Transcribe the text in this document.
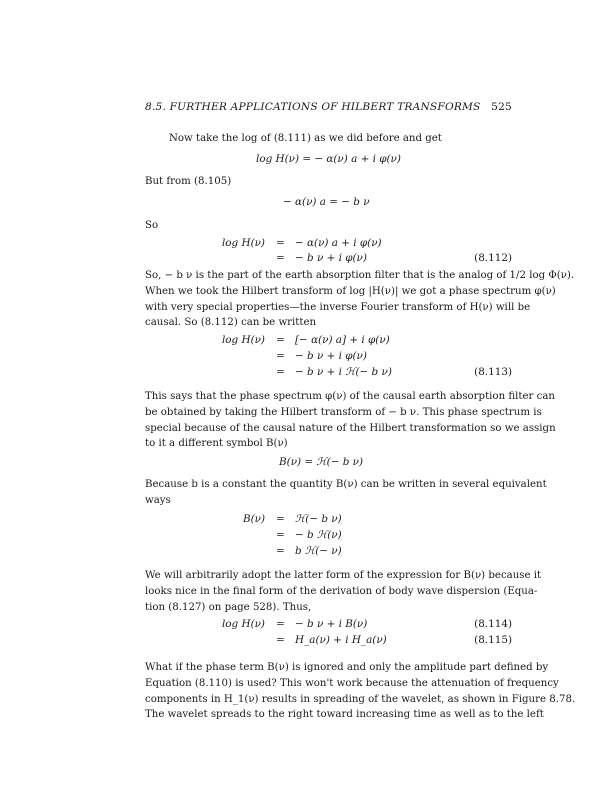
8.5. FURTHER APPLICATIONS OF HILBERT TRANSFORMS 525
Now take the log of (8.111) as we did before and get
log H(ν) = − α(ν) a + i φ(ν)
But from (8.105)
− α(ν) a = − b ν
So
log H(ν) = − α(ν) a + i φ(ν)
= − b ν + i φ(ν)	(8.112)
So, − b ν is the part of the earth absorption filter that is the analog of 1/2 log Φ(ν).
When we took the Hilbert transform of log |H(ν)| we got a phase spectrum φ(ν)
with very special properties—the inverse Fourier transform of H(ν) will be
causal. So (8.112) can be written
log H(ν) = [− α(ν) a] + i φ(ν)
= − b ν + i φ(ν)
= − b ν + i ℋ(− b ν)	(8.113)
This says that the phase spectrum φ(ν) of the causal earth absorption filter can
be obtained by taking the Hilbert transform of − b ν. This phase spectrum is
special because of the causal nature of the Hilbert transformation so we assign
to it a different symbol B(ν)
B(ν) = ℋ(− b ν)
Because b is a constant the quantity B(ν) can be written in several equivalent
ways
B(ν) = ℋ(− b ν)
= − b ℋ(ν)
= b ℋ(− ν)
We will arbitrarily adopt the latter form of the expression for B(ν) because it
looks nice in the final form of the derivation of body wave dispersion (Equa-
tion (8.127) on page 528). Thus,
log H(ν) = − b ν + i B(ν)	(8.114)
= H_a(ν) + i H_a(ν)	(8.115)
What if the phase term B(ν) is ignored and only the amplitude part defined by
Equation (8.110) is used? This won't work because the attenuation of frequency
components in H_1(ν) results in spreading of the wavelet, as shown in Figure 8.78.
The wavelet spreads to the right toward increasing time as well as to the left
